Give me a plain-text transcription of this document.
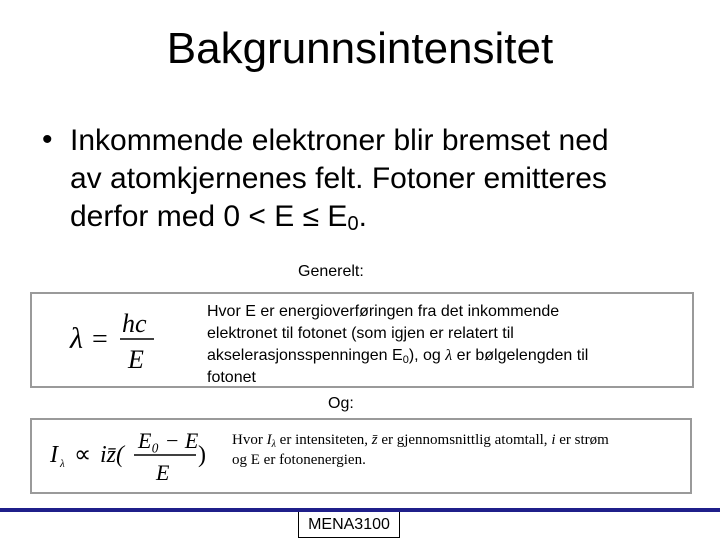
Bakgrunnsintensitet
• Inkommende elektroner blir bremset ned
av atomkjernenes felt. Fotoner emitteres
derfor med $0 < E \le E_0$.
Generelt:
λ =
hc
E
Hvor E er energioverføringen fra det inkommende
elektronet til fotonet (som igjen er relatert til
akselerasjonsspenningen $E_0$), og λ er bølgelengden til
fotonet
Og:
I λ ∝ iz̄(
E₀ − E
E
)
Hvor $I_\lambda$ er intensiteten, z̄ er gjennomsnittlig atomtall, i er strøm
og E er fotonenergien.
MENA3100
